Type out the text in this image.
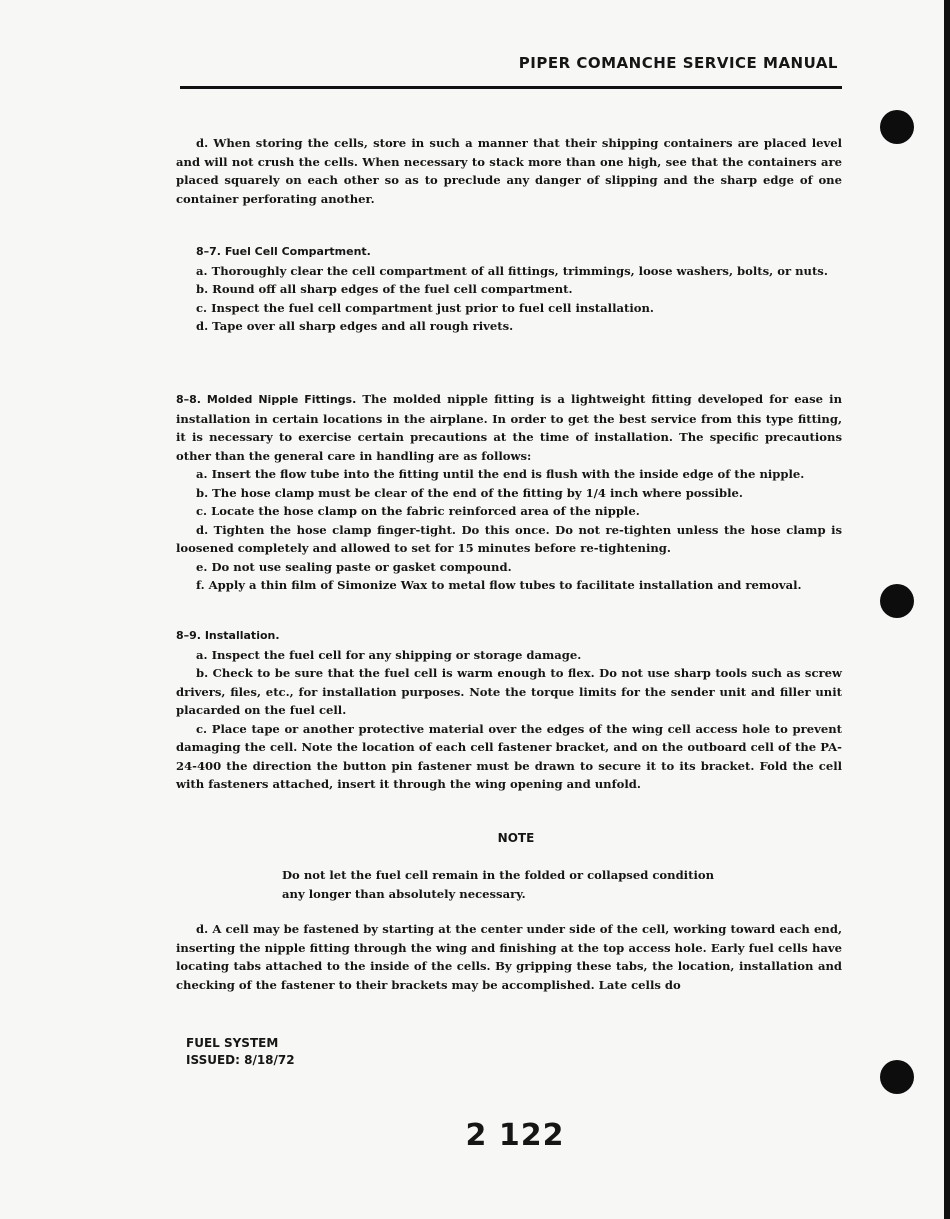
PIPER COMANCHE SERVICE MANUAL

d. When storing the cells, store in such a manner that their shipping containers are placed level and will not crush the cells. When necessary to stack more than one high, see that the containers are placed squarely on each other so as to preclude any danger of slipping and the sharp edge of one container perforating another.

8–7. Fuel Cell Compartment.

a. Thoroughly clear the cell compartment of all fittings, trimmings, loose washers, bolts, or nuts.

b. Round off all sharp edges of the fuel cell compartment.

c. Inspect the fuel cell compartment just prior to fuel cell installation.

d. Tape over all sharp edges and all rough rivets.

8–8. Molded Nipple Fittings. The molded nipple fitting is a lightweight fitting developed for ease in installation in certain locations in the airplane. In order to get the best service from this type fitting, it is necessary to exercise certain precautions at the time of installation. The specific precautions other than the general care in handling are as follows:

a. Insert the flow tube into the fitting until the end is flush with the inside edge of the nipple.

b. The hose clamp must be clear of the end of the fitting by 1/4 inch where possible.

c. Locate the hose clamp on the fabric reinforced area of the nipple.

d. Tighten the hose clamp finger-tight. Do this once. Do not re-tighten unless the hose clamp is loosened completely and allowed to set for 15 minutes before re-tightening.

e. Do not use sealing paste or gasket compound.

f. Apply a thin film of Simonize Wax to metal flow tubes to facilitate installation and removal.

8–9. Installation.

a. Inspect the fuel cell for any shipping or storage damage.

b. Check to be sure that the fuel cell is warm enough to flex. Do not use sharp tools such as screw drivers, files, etc., for installation purposes. Note the torque limits for the sender unit and filler unit placarded on the fuel cell.

c. Place tape or another protective material over the edges of the wing cell access hole to prevent damaging the cell. Note the location of each cell fastener bracket, and on the outboard cell of the PA-24-400 the direction the button pin fastener must be drawn to secure it to its bracket. Fold the cell with fasteners attached, insert it through the wing opening and unfold.

NOTE
Do not let the fuel cell remain in the folded or collapsed condition
any longer than absolutely necessary.

d. A cell may be fastened by starting at the center under side of the cell, working toward each end, inserting the nipple fitting through the wing and finishing at the top access hole. Early fuel cells have locating tabs attached to the inside of the cells. By gripping these tabs, the location, installation and checking of the fastener to their brackets may be accomplished. Late cells do

FUEL SYSTEM
ISSUED: 8/18/72
2 122
